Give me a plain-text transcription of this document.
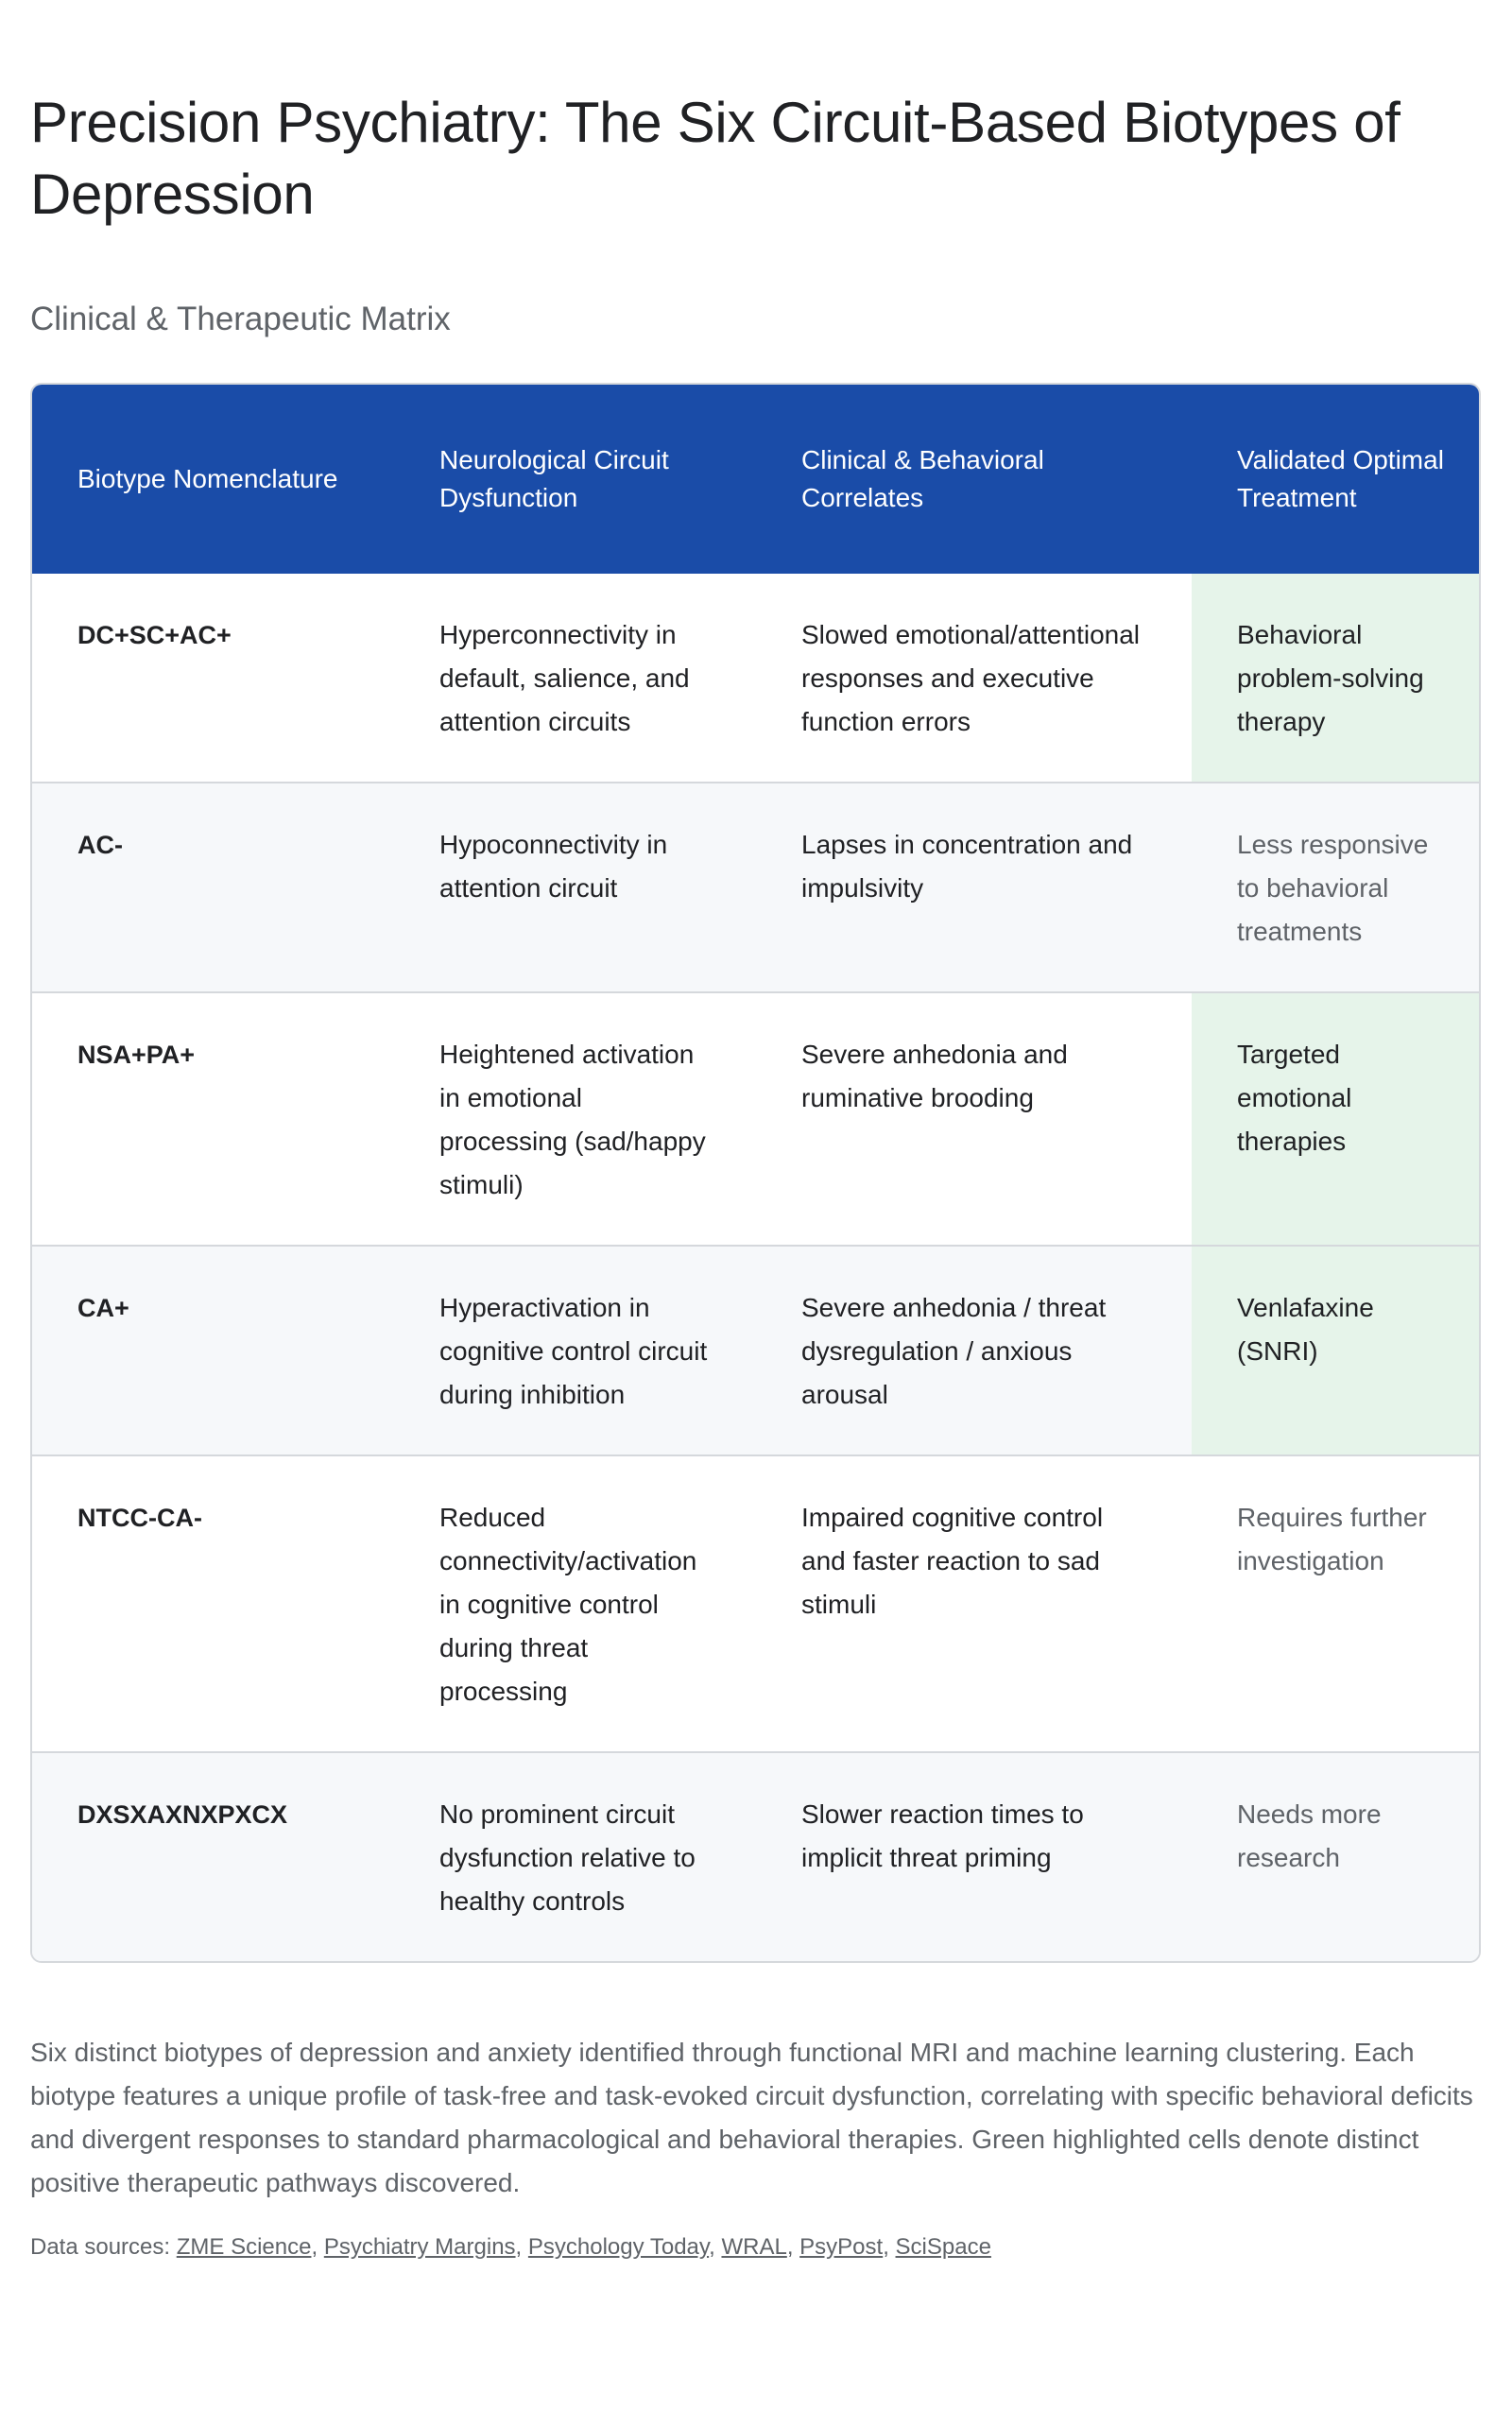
Precision Psychiatry: The Six Circuit-Based Biotypes of Depression
Clinical & Therapeutic Matrix
Biotype Nomenclature	Neurological Circuit Dysfunction	Clinical & Behavioral Correlates	Validated Optimal Treatment
DC+SC+AC+	Hyperconnectivity in default, salience, and attention circuits	Slowed emotional/attentional responses and executive function errors	Behavioral problem-solving therapy
AC-	Hypoconnectivity in attention circuit	Lapses in concentration and impulsivity	Less responsive to behavioral treatments
NSA+PA+	Heightened activation in emotional processing (sad/happy stimuli)	Severe anhedonia and ruminative brooding	Targeted emotional therapies
CA+	Hyperactivation in cognitive control circuit during inhibition	Severe anhedonia / threat dysregulation / anxious arousal	Venlafaxine (SNRI)
NTCC-CA-	Reduced connectivity/activation in cognitive control during threat processing	Impaired cognitive control and faster reaction to sad stimuli	Requires further investigation
DXSXAXNXPXCX	No prominent circuit dysfunction relative to healthy controls	Slower reaction times to implicit threat priming	Needs more research

Six distinct biotypes of depression and anxiety identified through functional MRI and machine learning clustering. Each biotype features a unique profile of task-free and task-evoked circuit dysfunction, correlating with specific behavioral deficits and divergent responses to standard pharmacological and behavioral therapies. Green highlighted cells denote distinct positive therapeutic pathways discovered.

Data sources: ZME Science, Psychiatry Margins, Psychology Today, WRAL, PsyPost, SciSpace
